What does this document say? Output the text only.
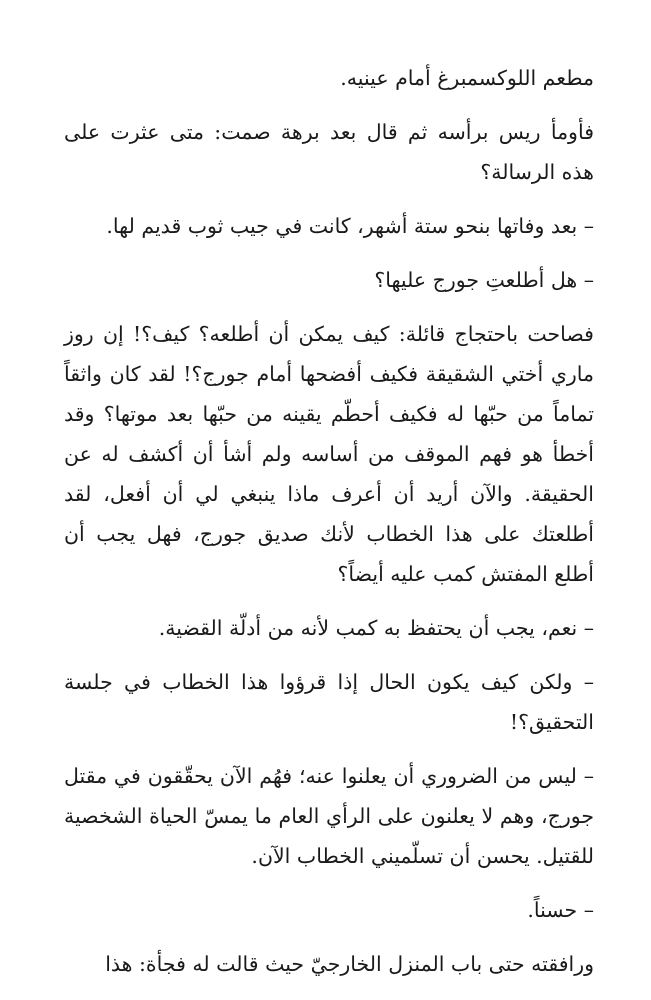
مطعم اللوكسمبرغ أمام عينيه.

فأومأ ريس برأسه ثم قال بعد برهة صمت: متى عثرت على هذه الرسالة؟

– بعد وفاتها بنحو ستة أشهر، كانت في جيب ثوب قديم لها.

– هل أطلعتِ جورج عليها؟

فصاحت باحتجاج قائلة: كيف يمكن أن أطلعه؟ كيف؟! إن روز ماري أختي الشقيقة فكيف أفضحها أمام جورج؟! لقد كان واثقاً تماماً من حبّها له فكيف أحطّم يقينه من حبّها بعد موتها؟ وقد أخطأ هو فهم الموقف من أساسه ولم أشأ أن أكشف له عن الحقيقة. والآن أريد أن أعرف ماذا ينبغي لي أن أفعل، لقد أطلعتك على هذا الخطاب لأنك صديق جورج، فهل يجب أن أطلع المفتش كمب عليه أيضاً؟

– نعم، يجب أن يحتفظ به كمب لأنه من أدلّة القضية.

– ولكن كيف يكون الحال إذا قرؤوا هذا الخطاب في جلسة التحقيق؟!

– ليس من الضروري أن يعلنوا عنه؛ فهُم الآن يحقّقون في مقتل جورج، وهم لا يعلنون على الرأي العام ما يمسّ الحياة الشخصية للقتيل. يحسن أن تسلّميني الخطاب الآن.

– حسناً.

ورافقته حتى باب المنزل الخارجيّ حيث قالت له فجأة: هذا
